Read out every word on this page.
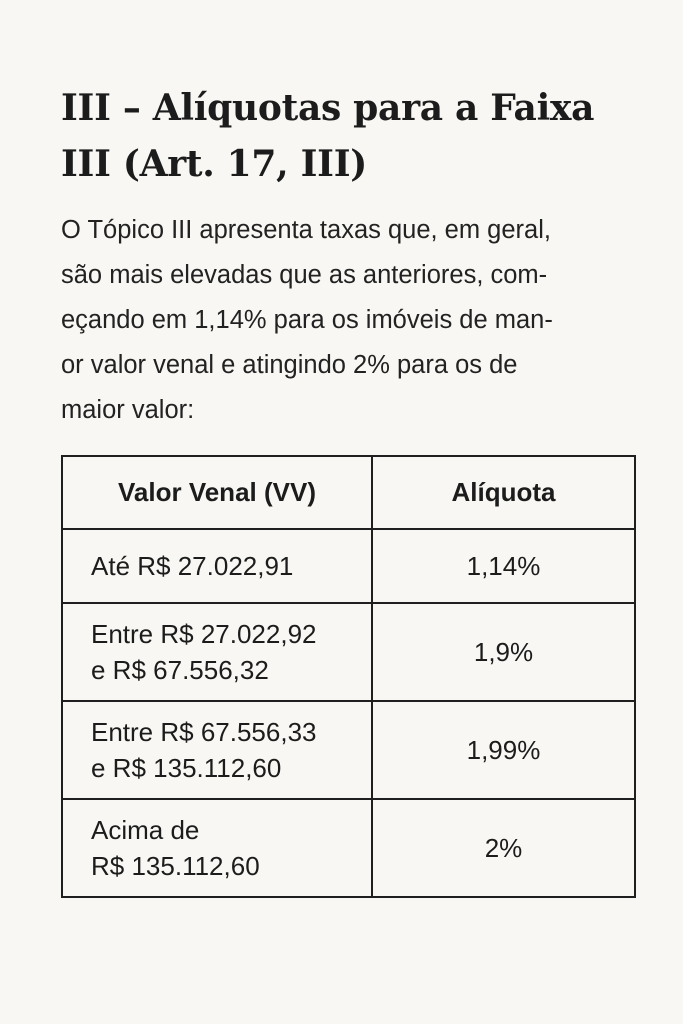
III – Alíquotas para a Faixa
III (Art. 17, III)

O Tópico III apresenta taxas que, em geral,
são mais elevadas que as anteriores, com-
eçando em 1,14% para os imóveis de man-
or valor venal e atingindo 2% para os de
maior valor:

Valor Venal (VV)	Alíquota

Até R$ 27.022,91	1,14%

Entre R$ 27.022,92
e R$ 67.556,32	1,9%

Entre R$ 67.556,33
e R$ 135.112,60	1,99%

Acima de
R$ 135.112,60	2%
